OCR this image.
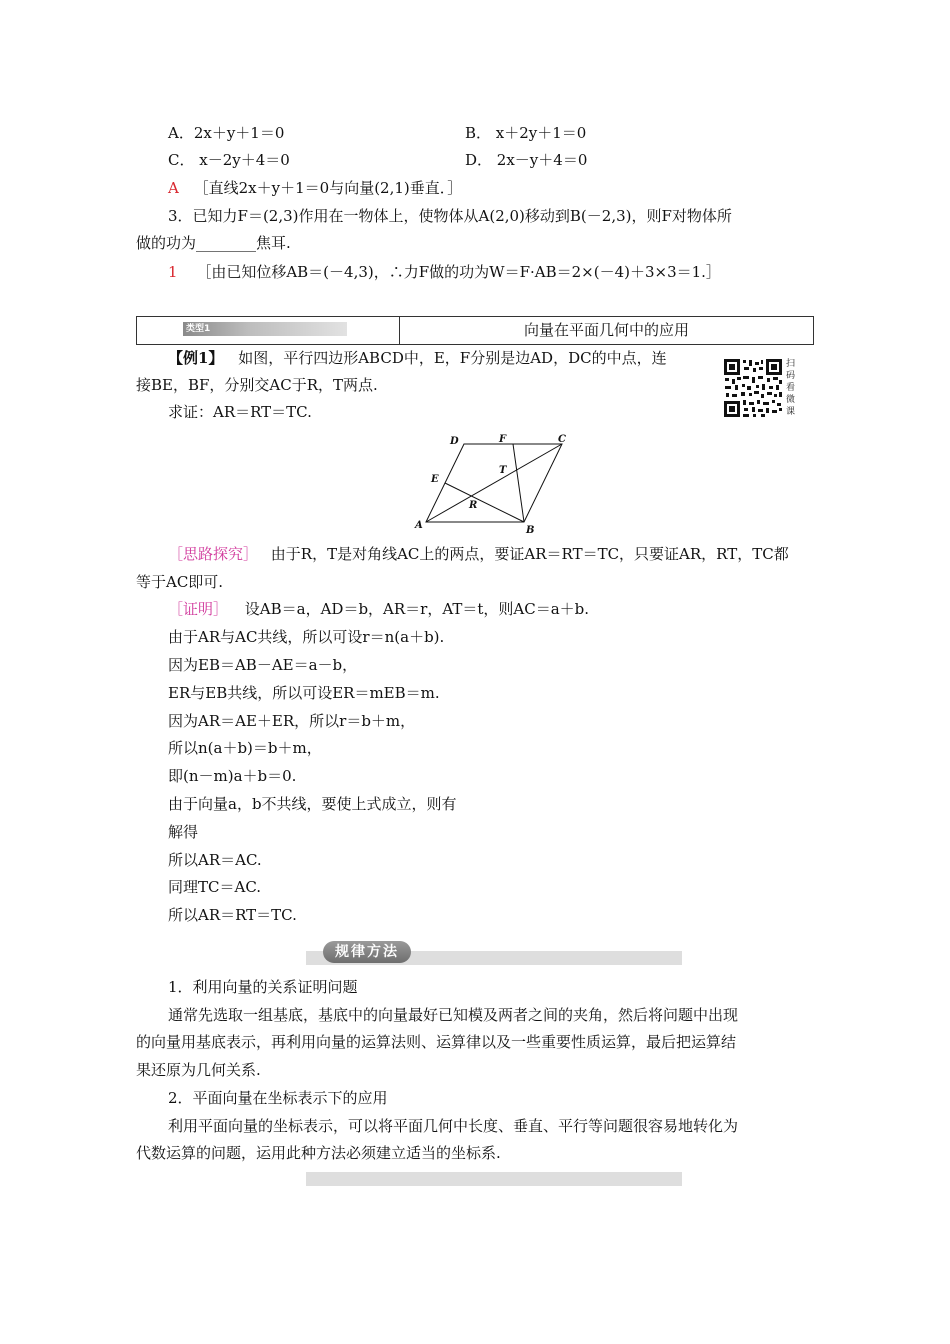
A．2x＋y＋1＝0	B． x＋2y＋1＝0
C． x－2y＋4＝0	D． 2x－y＋4＝0
A ［直线2x＋y＋1＝0与向量(2,1)垂直．］
3．已知力F＝(2,3)作用在一物体上，使物体从A(2,0)移动到B(－2,3)，则F对物体所
做的功为________焦耳.
1 ［由已知位移AB＝(－4,3)，∴力F做的功为W＝F·AB＝2×(－4)＋3×3＝1.］
类型1	向量在平面几何中的应用
【例1】 如图，平行四边形ABCD中，E，F分别是边AD，DC的中点，连
接BE，BF，分别交AC于R，T两点.
求证：AR＝RT＝TC.
扫码看微课
D	F	C
E
T
R
A	B
［思路探究］ 由于R，T是对角线AC上的两点，要证AR＝RT＝TC，只要证AR，RT，TC都
等于AC即可.
［证明］ 设AB＝a，AD＝b，AR＝r，AT＝t，则AC＝a＋b.
由于AR与AC共线，所以可设r＝n(a＋b).
因为EB＝AB－AE＝a－b，
ER与EB共线，所以可设ER＝mEB＝m.
因为AR＝AE＋ER，所以r＝b＋m，
所以n(a＋b)＝b＋m，
即(n－m)a＋b＝0.
由于向量a，b不共线，要使上式成立，则有
解得
所以AR＝AC.
同理TC＝AC.
所以AR＝RT＝TC.
规律方法
1．利用向量的关系证明问题
通常先选取一组基底，基底中的向量最好已知模及两者之间的夹角，然后将问题中出现
的向量用基底表示，再利用向量的运算法则、运算律以及一些重要性质运算，最后把运算结
果还原为几何关系.
2．平面向量在坐标表示下的应用
利用平面向量的坐标表示，可以将平面几何中长度、垂直、平行等问题很容易地转化为
代数运算的问题，运用此种方法必须建立适当的坐标系.
